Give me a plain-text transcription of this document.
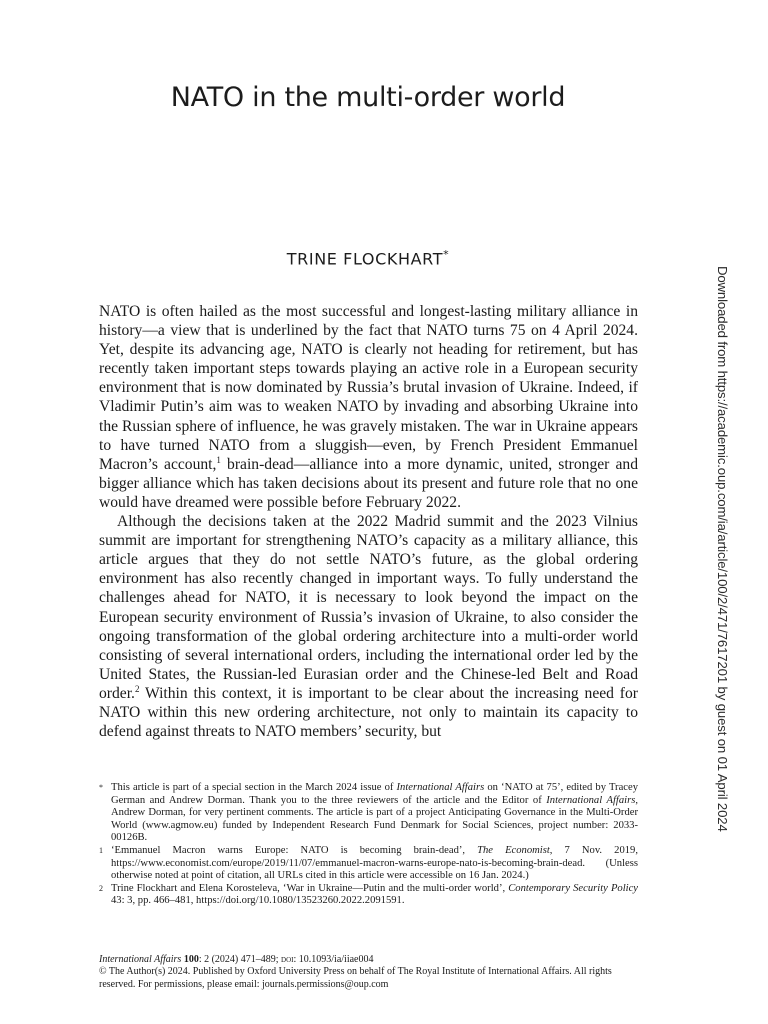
NATO in the multi-order world
TRINE FLOCKHART*

NATO is often hailed as the most successful and longest-lasting military alliance in history—a view that is underlined by the fact that NATO turns 75 on 4 April 2024. Yet, despite its advancing age, NATO is clearly not heading for retirement, but has recently taken important steps towards playing an active role in a European security environment that is now dominated by Russia’s brutal invasion of Ukraine. Indeed, if Vladimir Putin’s aim was to weaken NATO by invading and absorbing Ukraine into the Russian sphere of influence, he was gravely mistaken. The war in Ukraine appears to have turned NATO from a sluggish—even, by French President Emmanuel Macron’s account,$^1$ brain-dead—alliance into a more dynamic, united, stronger and bigger alliance which has taken decisions about its present and future role that no one would have dreamed were possible before February 2022.

Although the decisions taken at the 2022 Madrid summit and the 2023 Vilnius summit are important for strengthening NATO’s capacity as a military alliance, this article argues that they do not settle NATO’s future, as the global ordering environment has also recently changed in important ways. To fully understand the challenges ahead for NATO, it is necessary to look beyond the impact on the European security environment of Russia’s invasion of Ukraine, to also consider the ongoing transformation of the global ordering architecture into a multi-order world consisting of several international orders, including the international order led by the United States, the Russian-led Eurasian order and the Chinese-led Belt and Road order.$^2$ Within this context, it is important to be clear about the increasing need for NATO within this new ordering architecture, not only to maintain its capacity to defend against threats to NATO members’ security, but

* This article is part of a special section in the March 2024 issue of International Affairs on ‘NATO at 75’, edited by Tracey German and Andrew Dorman. Thank you to the three reviewers of the article and the Editor of International Affairs, Andrew Dorman, for very pertinent comments. The article is part of a project Anticipating Governance in the Multi-Order World (www.agmow.eu) funded by Independent Research Fund Denmark for Social Sciences, project number: 2033-00126B.

1 ‘Emmanuel Macron warns Europe: NATO is becoming brain-dead’, The Economist, 7 Nov. 2019, https://www.economist.com/europe/2019/11/07/emmanuel-macron-warns-europe-nato-is-becoming-brain-dead. (Unless otherwise noted at point of citation, all URLs cited in this article were accessible on 16 Jan. 2024.)

2 Trine Flockhart and Elena Korosteleva, ‘War in Ukraine—Putin and the multi-order world’, Contemporary Security Policy 43: 3, pp. 466–481, https://doi.org/10.1080/13523260.2022.2091591.

International Affairs 100: 2 (2024) 471–489; doi: 10.1093/ia/iiae004

© The Author(s) 2024. Published by Oxford University Press on behalf of The Royal Institute of International Affairs. All rights reserved. For permissions, please email: journals.permissions@oup.com

Downloaded from https://academic.oup.com/ia/article/100/2/471/7617201 by guest on 01 April 2024
